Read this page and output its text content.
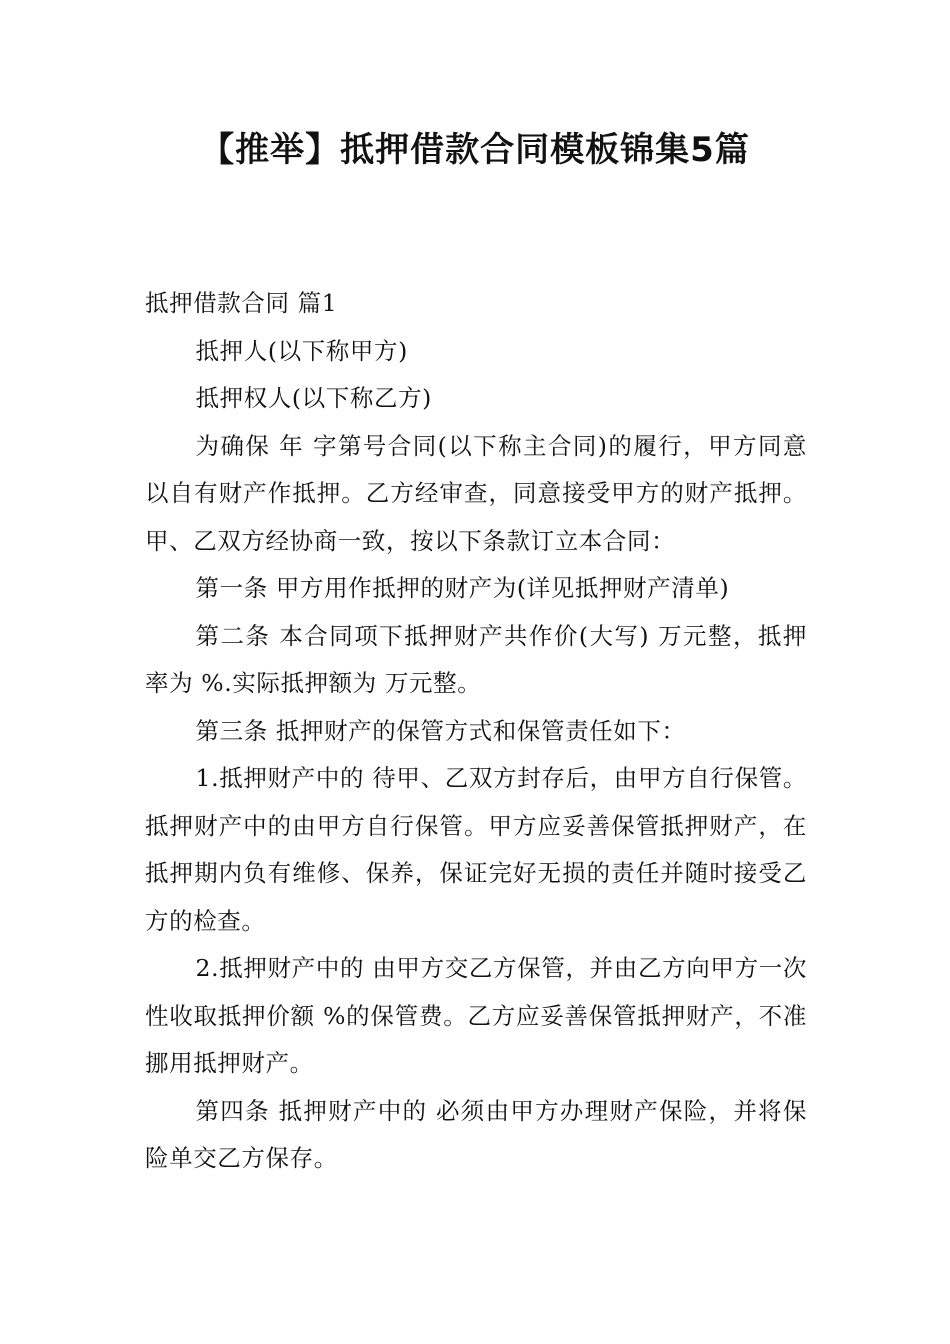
【推举】抵押借款合同模板锦集5篇

抵押借款合同 篇1

抵押人(以下称甲方)

抵押权人(以下称乙方)

为确保 年 字第号合同(以下称主合同)的履行，甲方同意以自有财产作抵押。乙方经审查，同意接受甲方的财产抵押。甲、乙双方经协商一致，按以下条款订立本合同：

第一条 甲方用作抵押的财产为(详见抵押财产清单)

第二条 本合同项下抵押财产共作价(大写) 万元整，抵押率为 %.实际抵押额为 万元整。

第三条 抵押财产的保管方式和保管责任如下：

1.抵押财产中的 待甲、乙双方封存后，由甲方自行保管。抵押财产中的由甲方自行保管。甲方应妥善保管抵押财产，在抵押期内负有维修、保养，保证完好无损的责任并随时接受乙方的检查。

2.抵押财产中的 由甲方交乙方保管，并由乙方向甲方一次性收取抵押价额 %的保管费。乙方应妥善保管抵押财产，不准挪用抵押财产。

第四条 抵押财产中的 必须由甲方办理财产保险，并将保险单交乙方保存。
